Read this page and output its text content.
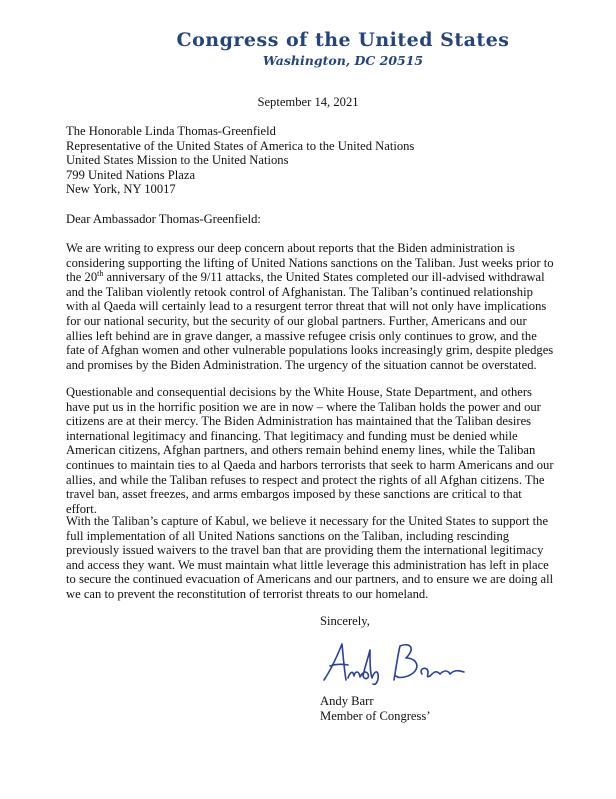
Congress of the United States
Washington, DC 20515
September 14, 2021
The Honorable Linda Thomas-Greenfield
Representative of the United States of America to the United Nations
United States Mission to the United Nations
799 United Nations Plaza
New York, NY 10017
Dear Ambassador Thomas-Greenfield:

We are writing to express our deep concern about reports that the Biden administration is considering supporting the lifting of United Nations sanctions on the Taliban. Just weeks prior to the 20th anniversary of the 9/11 attacks, the United States completed our ill-advised withdrawal and the Taliban violently retook control of Afghanistan. The Taliban’s continued relationship with al Qaeda will certainly lead to a resurgent terror threat that will not only have implications for our national security, but the security of our global partners. Further, Americans and our allies left behind are in grave danger, a massive refugee crisis only continues to grow, and the fate of Afghan women and other vulnerable populations looks increasingly grim, despite pledges and promises by the Biden Administration. The urgency of the situation cannot be overstated.

Questionable and consequential decisions by the White House, State Department, and others have put us in the horrific position we are in now – where the Taliban holds the power and our citizens are at their mercy. The Biden Administration has maintained that the Taliban desires international legitimacy and financing. That legitimacy and funding must be denied while American citizens, Afghan partners, and others remain behind enemy lines, while the Taliban continues to maintain ties to al Qaeda and harbors terrorists that seek to harm Americans and our allies, and while the Taliban refuses to respect and protect the rights of all Afghan citizens. The travel ban, asset freezes, and arms embargos imposed by these sanctions are critical to that effort.

With the Taliban’s capture of Kabul, we believe it necessary for the United States to support the full implementation of all United Nations sanctions on the Taliban, including rescinding previously issued waivers to the travel ban that are providing them the international legitimacy and access they want. We must maintain what little leverage this administration has left in place to secure the continued evacuation of Americans and our partners, and to ensure we are doing all we can to prevent the reconstitution of terrorist threats to our homeland.

Sincerely,
Andy Barr
Member of Congress’
